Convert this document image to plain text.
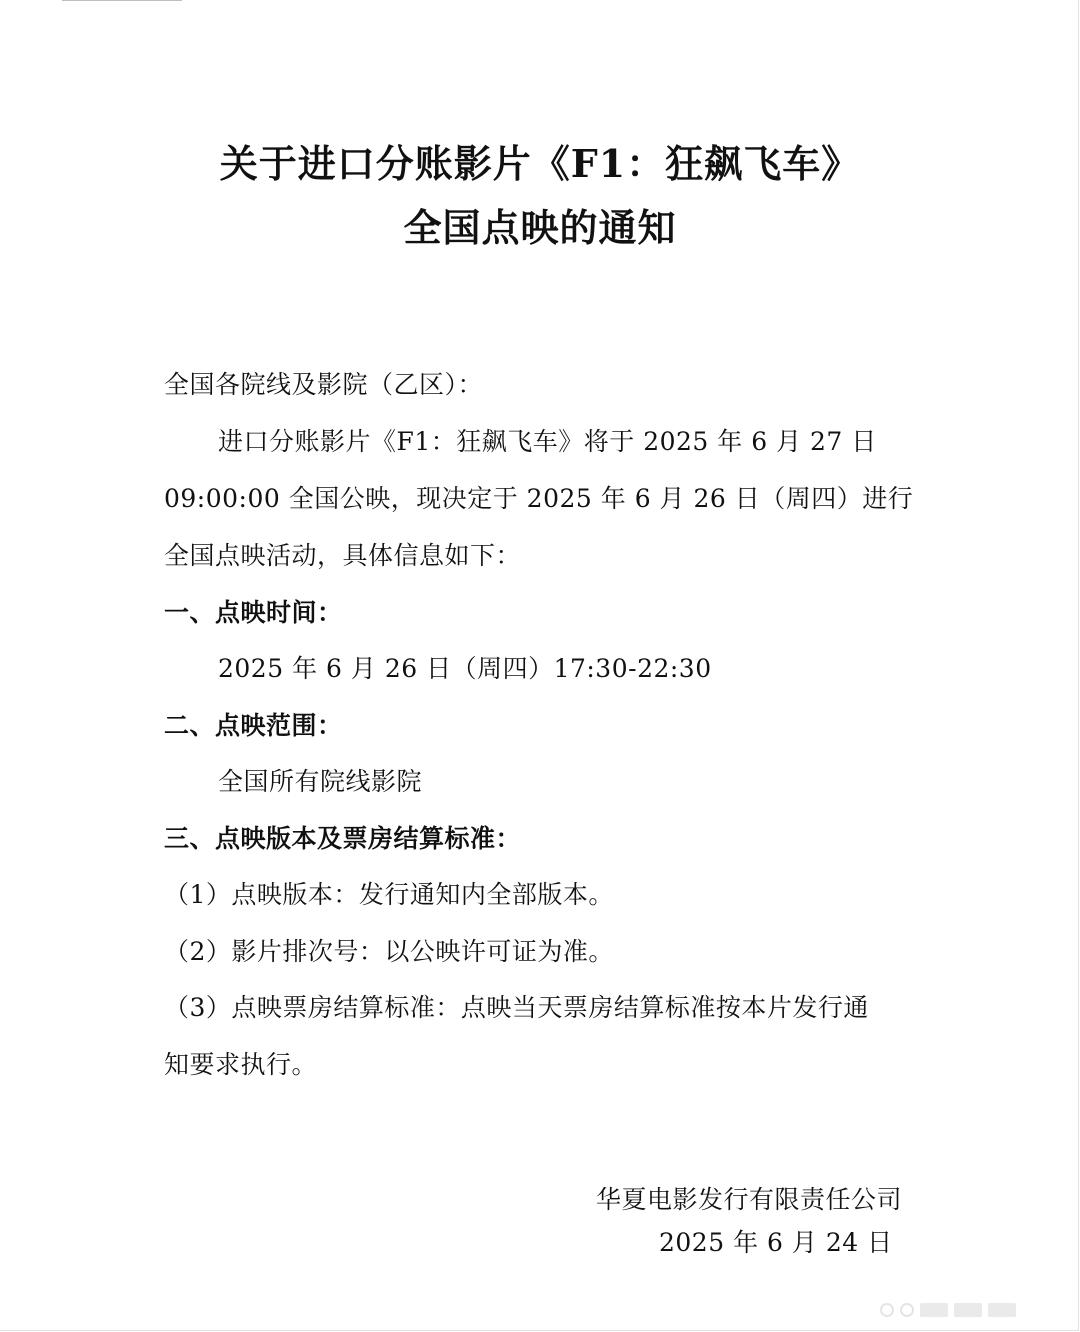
关于进口分账影片《F1：狂飙飞车》
全国点映的通知
全国各院线及影院（乙区）：
进口分账影片《F1：狂飙飞车》将于 2025 年 6 月 27 日
09:00:00 全国公映，现决定于 2025 年 6 月 26 日（周四）进行
全国点映活动，具体信息如下：
一、点映时间：
2025 年 6 月 26 日（周四）17:30-22:30
二、点映范围：
全国所有院线影院
三、点映版本及票房结算标准：
（1）点映版本：发行通知内全部版本。
（2）影片排次号：以公映许可证为准。
（3）点映票房结算标准：点映当天票房结算标准按本片发行通
知要求执行。
华夏电影发行有限责任公司
2025 年 6 月 24 日
